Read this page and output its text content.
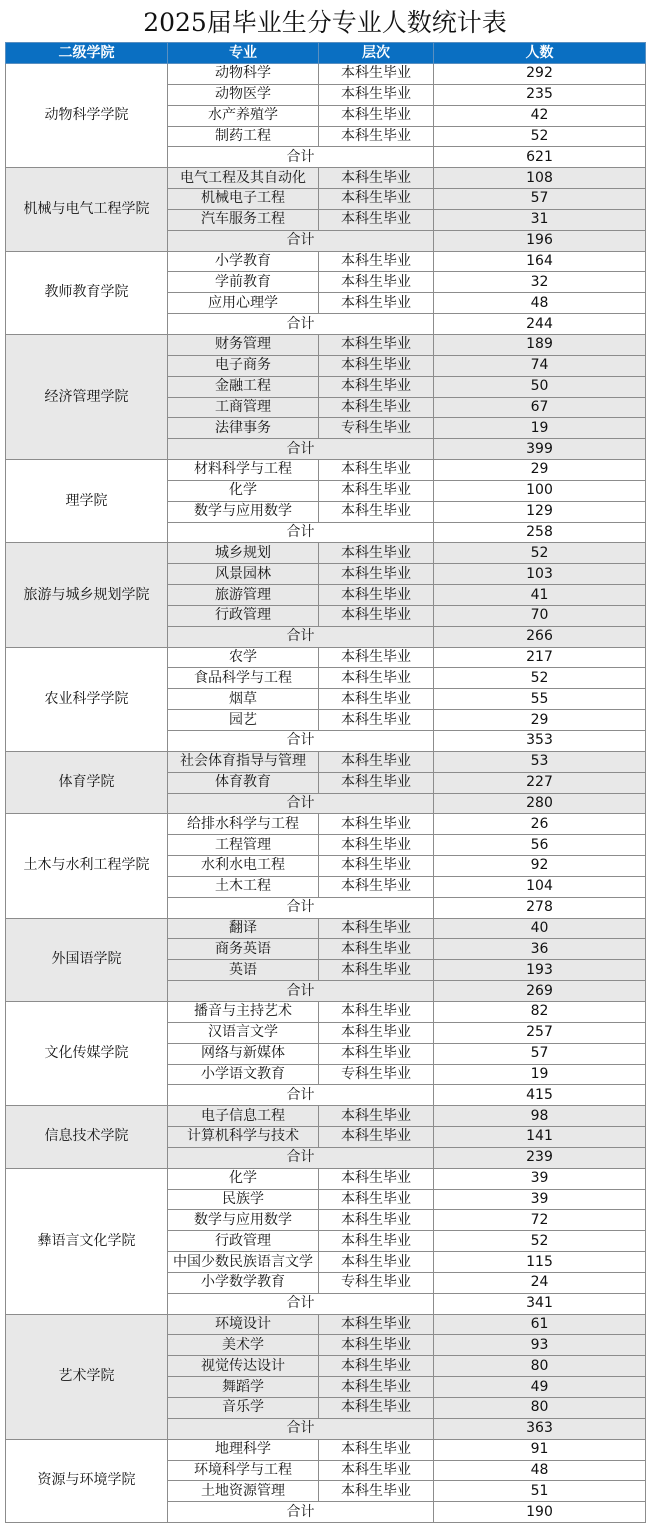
2025届毕业生分专业人数统计表
二级学院	专业	层次	人数
动物科学学院	动物科学	本科生毕业	292
	动物医学	本科生毕业	235
	水产养殖学	本科生毕业	42
	制药工程	本科生毕业	52
	合计		621
机械与电气工程学院	电气工程及其自动化	本科生毕业	108
	机械电子工程	本科生毕业	57
	汽车服务工程	本科生毕业	31
	合计		196
教师教育学院	小学教育	本科生毕业	164
	学前教育	本科生毕业	32
	应用心理学	本科生毕业	48
	合计		244
经济管理学院	财务管理	本科生毕业	189
	电子商务	本科生毕业	74
	金融工程	本科生毕业	50
	工商管理	本科生毕业	67
	法律事务	专科生毕业	19
	合计		399
理学院	材料科学与工程	本科生毕业	29
	化学	本科生毕业	100
	数学与应用数学	本科生毕业	129
	合计		258
旅游与城乡规划学院	城乡规划	本科生毕业	52
	风景园林	本科生毕业	103
	旅游管理	本科生毕业	41
	行政管理	本科生毕业	70
	合计		266
农业科学学院	农学	本科生毕业	217
	食品科学与工程	本科生毕业	52
	烟草	本科生毕业	55
	园艺	本科生毕业	29
	合计		353
体育学院	社会体育指导与管理	本科生毕业	53
	体育教育	本科生毕业	227
	合计		280
土木与水利工程学院	给排水科学与工程	本科生毕业	26
	工程管理	本科生毕业	56
	水利水电工程	本科生毕业	92
	土木工程	本科生毕业	104
	合计		278
外国语学院	翻译	本科生毕业	40
	商务英语	本科生毕业	36
	英语	本科生毕业	193
	合计		269
文化传媒学院	播音与主持艺术	本科生毕业	82
	汉语言文学	本科生毕业	257
	网络与新媒体	本科生毕业	57
	小学语文教育	专科生毕业	19
	合计		415
信息技术学院	电子信息工程	本科生毕业	98
	计算机科学与技术	本科生毕业	141
	合计		239
彝语言文化学院	化学	本科生毕业	39
	民族学	本科生毕业	39
	数学与应用数学	本科生毕业	72
	行政管理	本科生毕业	52
	中国少数民族语言文学	本科生毕业	115
	小学数学教育	专科生毕业	24
	合计		341
艺术学院	环境设计	本科生毕业	61
	美术学	本科生毕业	93
	视觉传达设计	本科生毕业	80
	舞蹈学	本科生毕业	49
	音乐学	本科生毕业	80
	合计		363
资源与环境学院	地理科学	本科生毕业	91
	环境科学与工程	本科生毕业	48
	土地资源管理	本科生毕业	51
	合计		190
